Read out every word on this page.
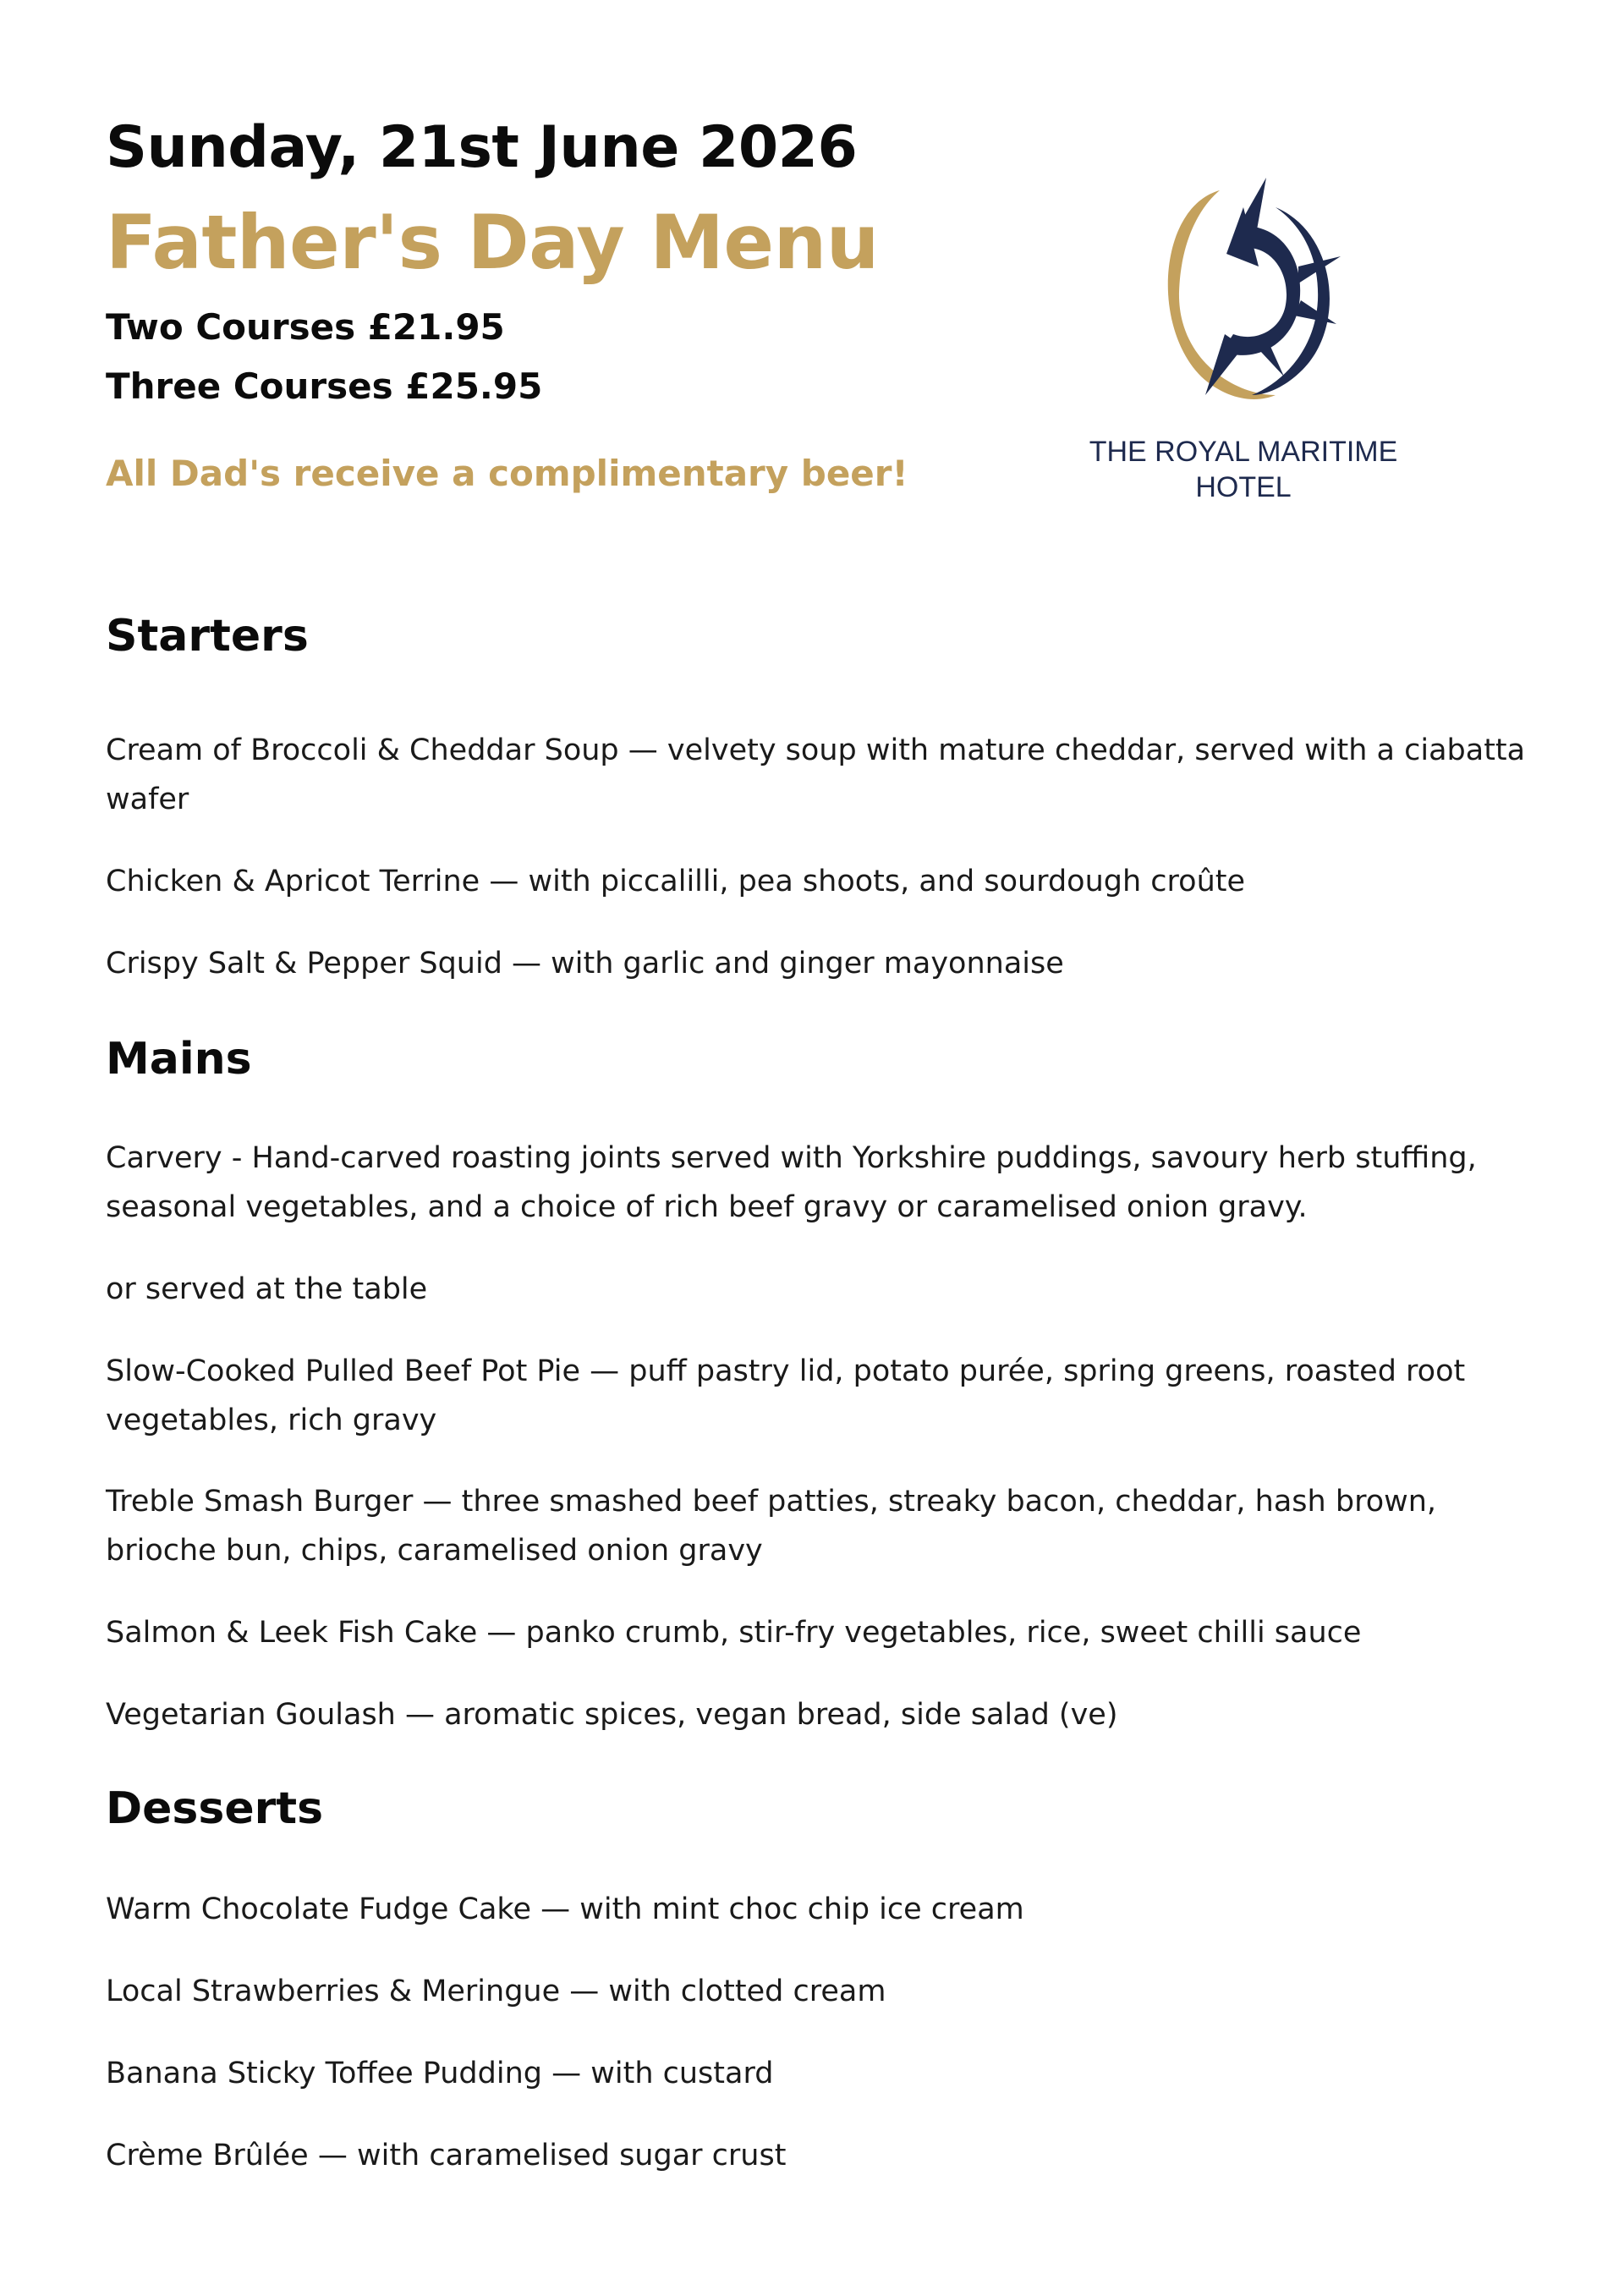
Sunday, 21st June 2026
Father's Day Menu
Two Courses £21.95
Three Courses £25.95
All Dad's receive a complimentary beer!
THE ROYAL MARITIME
HOTEL
Starters
Cream of Broccoli & Cheddar Soup — velvety soup with mature cheddar, served with a ciabatta wafer
Chicken & Apricot Terrine — with piccalilli, pea shoots, and sourdough croûte
Crispy Salt & Pepper Squid — with garlic and ginger mayonnaise
Mains
Carvery - Hand-carved roasting joints served with Yorkshire puddings, savoury herb stuffing, seasonal vegetables, and a choice of rich beef gravy or caramelised onion gravy.
or served at the table
Slow-Cooked Pulled Beef Pot Pie — puff pastry lid, potato purée, spring greens, roasted root vegetables, rich gravy
Treble Smash Burger — three smashed beef patties, streaky bacon, cheddar, hash brown, brioche bun, chips, caramelised onion gravy
Salmon & Leek Fish Cake — panko crumb, stir-fry vegetables, rice, sweet chilli sauce
Vegetarian Goulash — aromatic spices, vegan bread, side salad (ve)
Desserts
Warm Chocolate Fudge Cake — with mint choc chip ice cream
Local Strawberries & Meringue — with clotted cream
Banana Sticky Toffee Pudding — with custard
Crème Brûlée — with caramelised sugar crust
